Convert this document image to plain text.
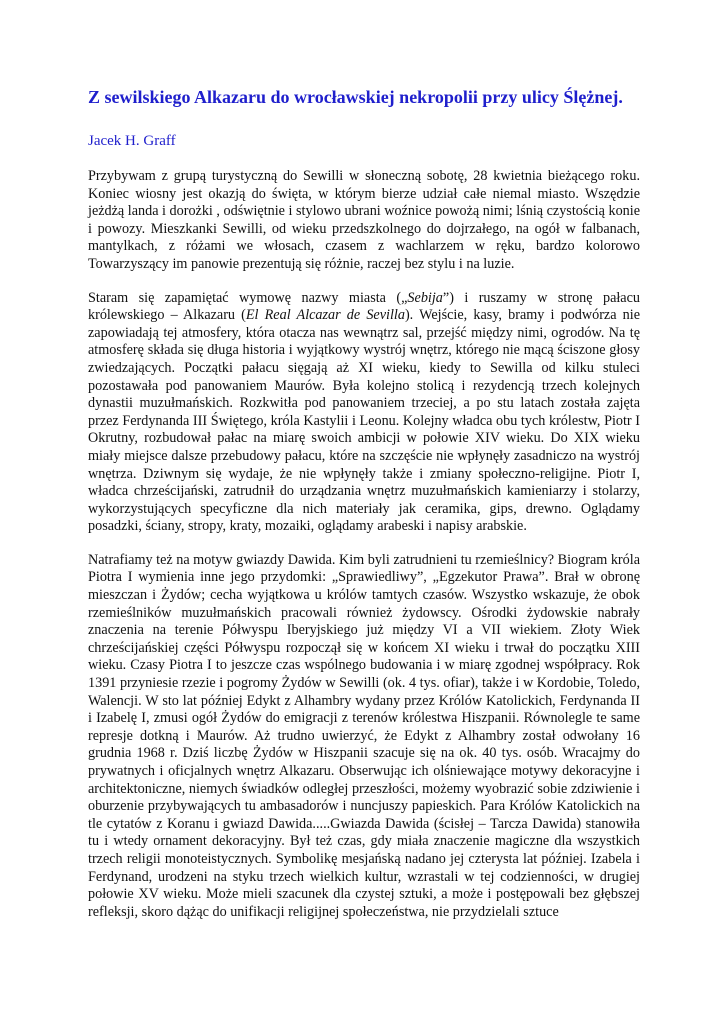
Z sewilskiego Alkazaru do wrocławskiej nekropolii przy ulicy Ślężnej.
Jacek H. Graff

Przybywam z grupą turystyczną do Sewilli w słoneczną sobotę, 28 kwietnia bieżącego roku. Koniec wiosny jest okazją do święta, w którym bierze udział całe niemal miasto. Wszędzie jeżdżą landa i dorożki , odświętnie i stylowo ubrani woźnice powożą nimi; lśnią czystością konie i powozy. Mieszkanki Sewilli, od wieku przedszkolnego do dojrzałego, na ogół w falbanach, mantylkach, z różami we włosach, czasem z wachlarzem w ręku, bardzo kolorowo Towarzyszący im panowie prezentują się różnie, raczej bez stylu i na luzie.

Staram się zapamiętać wymowę nazwy miasta („Sebija”) i ruszamy w stronę pałacu królewskiego – Alkazaru (El Real Alcazar de Sevilla). Wejście, kasy, bramy i podwórza nie zapowiadają tej atmosfery, która otacza nas wewnątrz sal, przejść między nimi, ogrodów. Na tę atmosferę składa się długa historia i wyjątkowy wystrój wnętrz, którego nie mącą ściszone głosy zwiedzających. Początki pałacu sięgają aż XI wieku, kiedy to Sewilla od kilku stuleci pozostawała pod panowaniem Maurów. Była kolejno stolicą i rezydencją trzech kolejnych dynastii muzułmańskich. Rozkwitła pod panowaniem trzeciej, a po stu latach została zajęta przez Ferdynanda III Świętego, króla Kastylii i Leonu. Kolejny władca obu tych królestw, Piotr I Okrutny, rozbudował pałac na miarę swoich ambicji w połowie XIV wieku. Do XIX wieku miały miejsce dalsze przebudowy pałacu, które na szczęście nie wpłynęły zasadniczo na wystrój wnętrza. Dziwnym się wydaje, że nie wpłynęły także i zmiany społeczno-religijne. Piotr I, władca chrześcijański, zatrudnił do urządzania wnętrz muzułmańskich kamieniarzy i stolarzy, wykorzystujących specyficzne dla nich materiały jak ceramika, gips, drewno. Oglądamy posadzki, ściany, stropy, kraty, mozaiki, oglądamy arabeski i napisy arabskie.

Natrafiamy też na motyw gwiazdy Dawida. Kim byli zatrudnieni tu rzemieślnicy? Biogram króla Piotra I wymienia inne jego przydomki: „Sprawiedliwy”, „Egzekutor Prawa”. Brał w obronę mieszczan i Żydów; cecha wyjątkowa u królów tamtych czasów. Wszystko wskazuje, że obok rzemieślników muzułmańskich pracowali również żydowscy. Ośrodki żydowskie nabrały znaczenia na terenie Półwyspu Iberyjskiego już między VI a VII wiekiem. Złoty Wiek chrześcijańskiej części Półwyspu rozpoczął się w końcem XI wieku i trwał do początku XIII wieku. Czasy Piotra I to jeszcze czas wspólnego budowania i w miarę zgodnej współpracy. Rok 1391 przyniesie rzezie i pogromy Żydów w Sewilli (ok. 4 tys. ofiar), także i w Kordobie, Toledo, Walencji. W sto lat później Edykt z Alhambry wydany przez Królów Katolickich, Ferdynanda II i Izabelę I, zmusi ogół Żydów do emigracji z terenów królestwa Hiszpanii. Równolegle te same represje dotkną i Maurów. Aż trudno uwierzyć, że Edykt z Alhambry został odwołany 16 grudnia 1968 r. Dziś liczbę Żydów w Hiszpanii szacuje się na ok. 40 tys. osób. Wracajmy do prywatnych i oficjalnych wnętrz Alkazaru. Obserwując ich olśniewające motywy dekoracyjne i architektoniczne, niemych świadków odległej przeszłości, możemy wyobrazić sobie zdziwienie i oburzenie przybywających tu ambasadorów i nuncjuszy papieskich. Para Królów Katolickich na tle cytatów z Koranu i gwiazd Dawida.....Gwiazda Dawida (ścisłej – Tarcza Dawida) stanowiła tu i wtedy ornament dekoracyjny. Był też czas, gdy miała znaczenie magiczne dla wszystkich trzech religii monoteistycznych. Symbolikę mesjańską nadano jej czterysta lat później. Izabela i Ferdynand, urodzeni na styku trzech wielkich kultur, wzrastali w tej codzienności, w drugiej połowie XV wieku. Może mieli szacunek dla czystej sztuki, a może i postępowali bez głębszej refleksji, skoro dążąc do unifikacji religijnej społeczeństwa, nie przydzielali sztuce
